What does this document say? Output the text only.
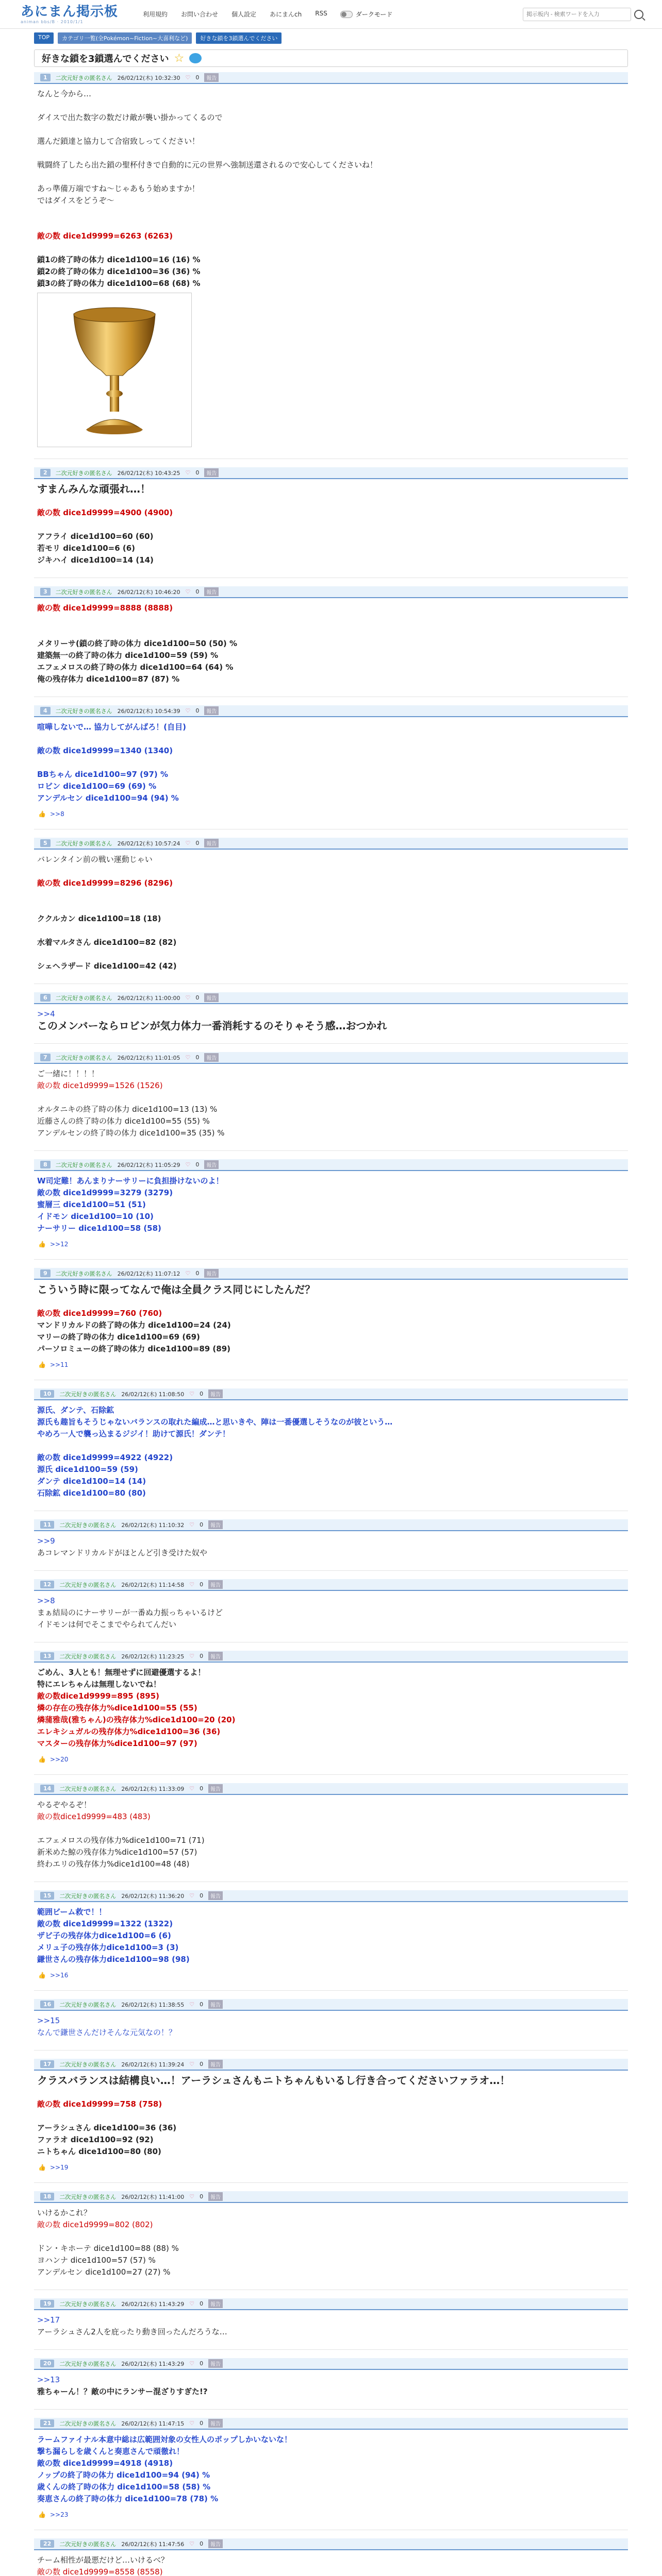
あにまん掲示板
animan bbs/B · 2010/1/1
利用規約	お問い合わせ	個人設定	あにまんch	RSS	ダークモード
掲示板内 - 検索ワードを入力
TOP	カテゴリ一覧(全Pokémon~Fiction~大喜利など)	好きな鎖を3鎖選んでください
好きな鎖を3鎖選んでください ☆
1	二次元好きの匿名さん 26/02/12(木) 10:32:30 ♡ 0	報告
なんと今から…
ダイスで出た数字の数だけ敵が襲い掛かってくるので
選んだ鎖達と協力して合宿致しってください！
戦闘終了したら出た鎖の聖杯付きで自動的に元の世界へ強制送還されるので安心してくださいね！
あっ準備万端ですね〜じゃあもう始めますか！
ではダイスをどうぞ〜
敵の数 dice1d9999=6263 (6263)
鎖1の終了時の体力 dice1d100=16 (16) %
鎖2の終了時の体力 dice1d100=36 (36) %
鎖3の終了時の体力 dice1d100=68 (68) %
2	二次元好きの匿名さん 26/02/12(木) 10:43:25 ♡ 0	報告
すまんみんな頑張れ…！
敵の数 dice1d9999=4900 (4900)
アフライ dice1d100=60 (60)
若モリ dice1d100=6 (6)
ジキハイ dice1d100=14 (14)
3	二次元好きの匿名さん 26/02/12(木) 10:46:20 ♡ 0	報告
敵の数 dice1d9999=8888 (8888)
メタリーサ(鎖の終了時の体力 dice1d100=50 (50) %
建築無一の終了時の体力 dice1d100=59 (59) %
エフェメロスの終了時の体力 dice1d100=64 (64) %
俺の残存体力 dice1d100=87 (87) %
4	二次元好きの匿名さん 26/02/12(木) 10:54:39 ♡ 0	報告
喧嘩しないで… 協力してがんばろ！(自目)
敵の数 dice1d9999=1340 (1340)
BBちゃん dice1d100=97 (97) %
ロビン dice1d100=69 (69) %
アンデルセン dice1d100=94 (94) %
👍 >>8
5	二次元好きの匿名さん 26/02/12(木) 10:57:24 ♡ 0	報告
バレンタイン前の戦い運動じゃい
敵の数 dice1d9999=8296 (8296)
ククルカン dice1d100=18 (18)
水着マルタさん dice1d100=82 (82)
シェヘラザード dice1d100=42 (42)
6	二次元好きの匿名さん 26/02/12(木) 11:00:00 ♡ 0	報告
>>4
このメンバーならロビンが気力体力一番消耗するのそりゃそう感…おつかれ
7	二次元好きの匿名さん 26/02/12(木) 11:01:05 ♡ 0	報告
ご一緒に！！！！
敵の数 dice1d9999=1526 (1526)
オルタニキの終了時の体力 dice1d100=13 (13) %
近藤さんの終了時の体力 dice1d100=55 (55) %
アンデルセンの終了時の体力 dice1d100=35 (35) %
8	二次元好きの匿名さん 26/02/12(木) 11:05:29 ♡ 0	報告
W司定難！あんまりナーサリーに負担掛けないのよ！
敵の数 dice1d9999=3279 (3279)
蜜層三 dice1d100=51 (51)
イドモン dice1d100=10 (10)
ナーサリー dice1d100=58 (58)
👍 >>12
9	二次元好きの匿名さん 26/02/12(木) 11:07:12 ♡ 0	報告
こういう時に限ってなんで俺は全員クラス同じにしたんだ？
敵の数 dice1d9999=760 (760)
マンドリカルドの終了時の体力 dice1d100=24 (24)
マリーの終了時の体力 dice1d100=69 (69)
パーソロミューの終了時の体力 dice1d100=89 (89)
👍 >>11
10	二次元好きの匿名さん 26/02/12(木) 11:08:50 ♡ 0	報告
源氏、ダンテ、石除鉱
源氏も趣旨もそうじゃないバランスの取れた編成…と思いきや、陣は一番優選しそうなのが彼という…
やめろ一人で襲っ込まるジジイ！助けて源氏！ダンテ！
敵の数 dice1d9999=4922 (4922)
源氏 dice1d100=59 (59)
ダンテ dice1d100=14 (14)
石除鉱 dice1d100=80 (80)
11	二次元好きの匿名さん 26/02/12(木) 11:10:32 ♡ 0	報告
>>9
あコレマンドリカルドがほとんど引き受けた奴や
12	二次元好きの匿名さん 26/02/12(木) 11:14:58 ♡ 0	報告
>>8
まぁ結局のにナーサリーが一番ぬ力振っちゃいるけど
イドモンは何でそこまでやられてんだい
13	二次元好きの匿名さん 26/02/12(木) 11:23:25 ♡ 0	報告
ごめん、3人とも！無理せずに回避優選するよ！
特にエレちゃんは無理しないでね！
敵の数dice1d9999=895 (895)
燐の存在の残存体力%dice1d100=55 (55)
燐蒲雅哉(雅ちゃん)の残存体力%dice1d100=20 (20)
エレキシュガルの残存体力%dice1d100=36 (36)
マスターの残存体力%dice1d100=97 (97)
👍 >>20
14	二次元好きの匿名さん 26/02/12(木) 11:33:09 ♡ 0	報告
やるぞやるぞ！
敵の数dice1d9999=483 (483)
エフェメロスの残存体力%dice1d100=71 (71)
新米めた鯨の残存体力%dice1d100=57 (57)
終わエリの残存体力%dice1d100=48 (48)
15	二次元好きの匿名さん 26/02/12(木) 11:36:20 ♡ 0	報告
範囲ビーム救で！！
敵の数 dice1d9999=1322 (1322)
ザビ子の残存体力dice1d100=6 (6)
メリュ子の残存体力dice1d100=3 (3)
鎌世さんの残存体力dice1d100=98 (98)
👍 >>16
16	二次元好きの匿名さん 26/02/12(木) 11:38:55 ♡ 0	報告
>>15
なんで鎌世さんだけそんな元気なの！？
17	二次元好きの匿名さん 26/02/12(木) 11:39:24 ♡ 0	報告
クラスバランスは結構良い…！アーラシュさんもニトちゃんもいるし行き合ってくださいファラオ…！
敵の数 dice1d9999=758 (758)
アーラシュさん dice1d100=36 (36)
ファラオ dice1d100=92 (92)
ニトちゃん dice1d100=80 (80)
👍 >>19
18	二次元好きの匿名さん 26/02/12(木) 11:41:00 ♡ 0	報告
いけるかこれ？
敵の数 dice1d9999=802 (802)
ドン・キホーテ dice1d100=88 (88) %
ヨハンナ dice1d100=57 (57) %
アンデルセン dice1d100=27 (27) %
19	二次元好きの匿名さん 26/02/12(木) 11:43:29 ♡ 0	報告
>>17
アーラシュさん2人を庇ったり動き回ったんだろうな…
20	二次元好きの匿名さん 26/02/12(木) 11:43:29 ♡ 0	報告
>>13
雅ちゃーん！？敵の中にランサー混ざりすぎた!?
21	二次元好きの匿名さん 26/02/12(木) 11:47:15 ♡ 0	報告
ラームファイナル本意中総は広範囲対象の女性人のポップしかいないな！
撃ち漏らしを歳くんと奏恵さんで頑徹れ！
敵の数 dice1d9999=4918 (4918)
ノップの終了時の体力 dice1d100=94 (94) %
歳くんの終了時の体力 dice1d100=58 (58) %
奏恵さんの終了時の体力 dice1d100=78 (78) %
👍 >>23
22	二次元好きの匿名さん 26/02/12(木) 11:47:56 ♡ 0	報告
チーム相性が最悪だけど…いけるべ？
敵の数 dice1d9999=8558 (8558)
